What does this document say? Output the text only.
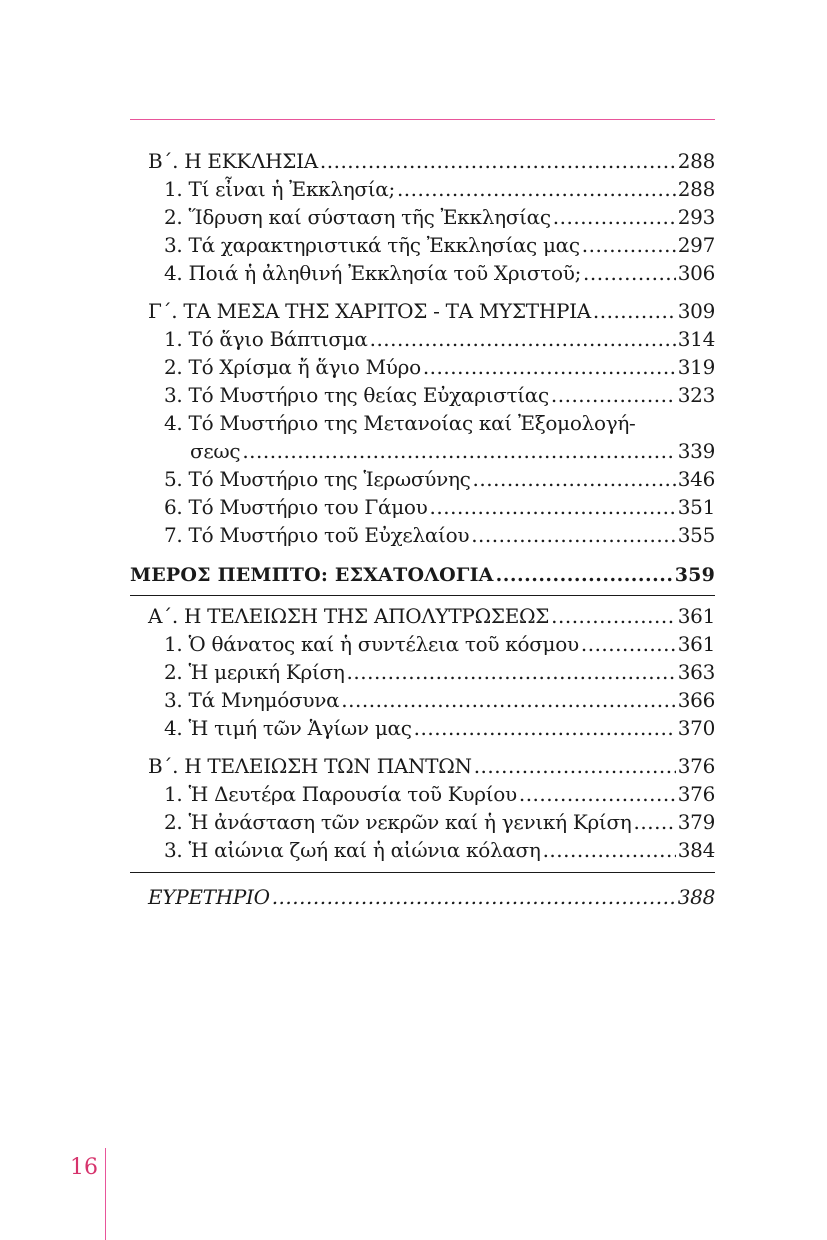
Β΄. Η ΕΚΚΛΗΣΙΑ .....	288
1. Τί εἶναι ἡ Ἐκκλησία; .....	288
2. Ἵδρυση καί σύσταση τῆς Ἐκκλησίας .....	293
3. Τά χαρακτηριστικά τῆς Ἐκκλησίας μας .....	297
4. Ποιά ἡ ἀληθινή Ἐκκλησία τοῦ Χριστοῦ; .....	306
Γ΄. ΤΑ ΜΕΣΑ ΤΗΣ ΧΑΡΙΤΟΣ - ΤΑ ΜΥΣΤΗΡΙΑ .....	309
1. Τό ἅγιο Βάπτισμα .....	314
2. Τό Χρίσμα ἤ ἅγιο Μύρο .....	319
3. Τό Μυστήριο της θείας Εὐχαριστίας .....	323
4. Τό Μυστήριο της Μετανοίας καί Ἐξομολογή-
σεως .....	339
5. Τό Μυστήριο της Ἱερωσύνης .....	346
6. Τό Μυστήριο του Γάμου .....	351
7. Τό Μυστήριο τοῦ Εὐχελαίου .....	355
ΜΕΡΟΣ ΠΕΜΠΤΟ: ΕΣΧΑΤΟΛΟΓΙΑ .....	359
Α΄. Η ΤΕΛΕΙΩΣΗ ΤΗΣ ΑΠΟΛΥΤΡΩΣΕΩΣ .....	361
1. Ὁ θάνατος καί ἡ συντέλεια τοῦ κόσμου .....	361
2. Ἡ μερική Κρίση .....	363
3. Τά Μνημόσυνα .....	366
4. Ἡ τιμή τῶν Ἁγίων μας .....	370
Β΄. Η ΤΕΛΕΙΩΣΗ ΤΩΝ ΠΑΝΤΩΝ .....	376
1. Ἡ Δευτέρα Παρουσία τοῦ Κυρίου .....	376
2. Ἡ ἀνάσταση τῶν νεκρῶν καί ἡ γενική Κρίση ..... 379
3. Ἡ αἰώνια ζωή καί ἡ αἰώνια κόλαση .....	384
ΕΥΡΕΤΗΡΙΟ .....	388
16
